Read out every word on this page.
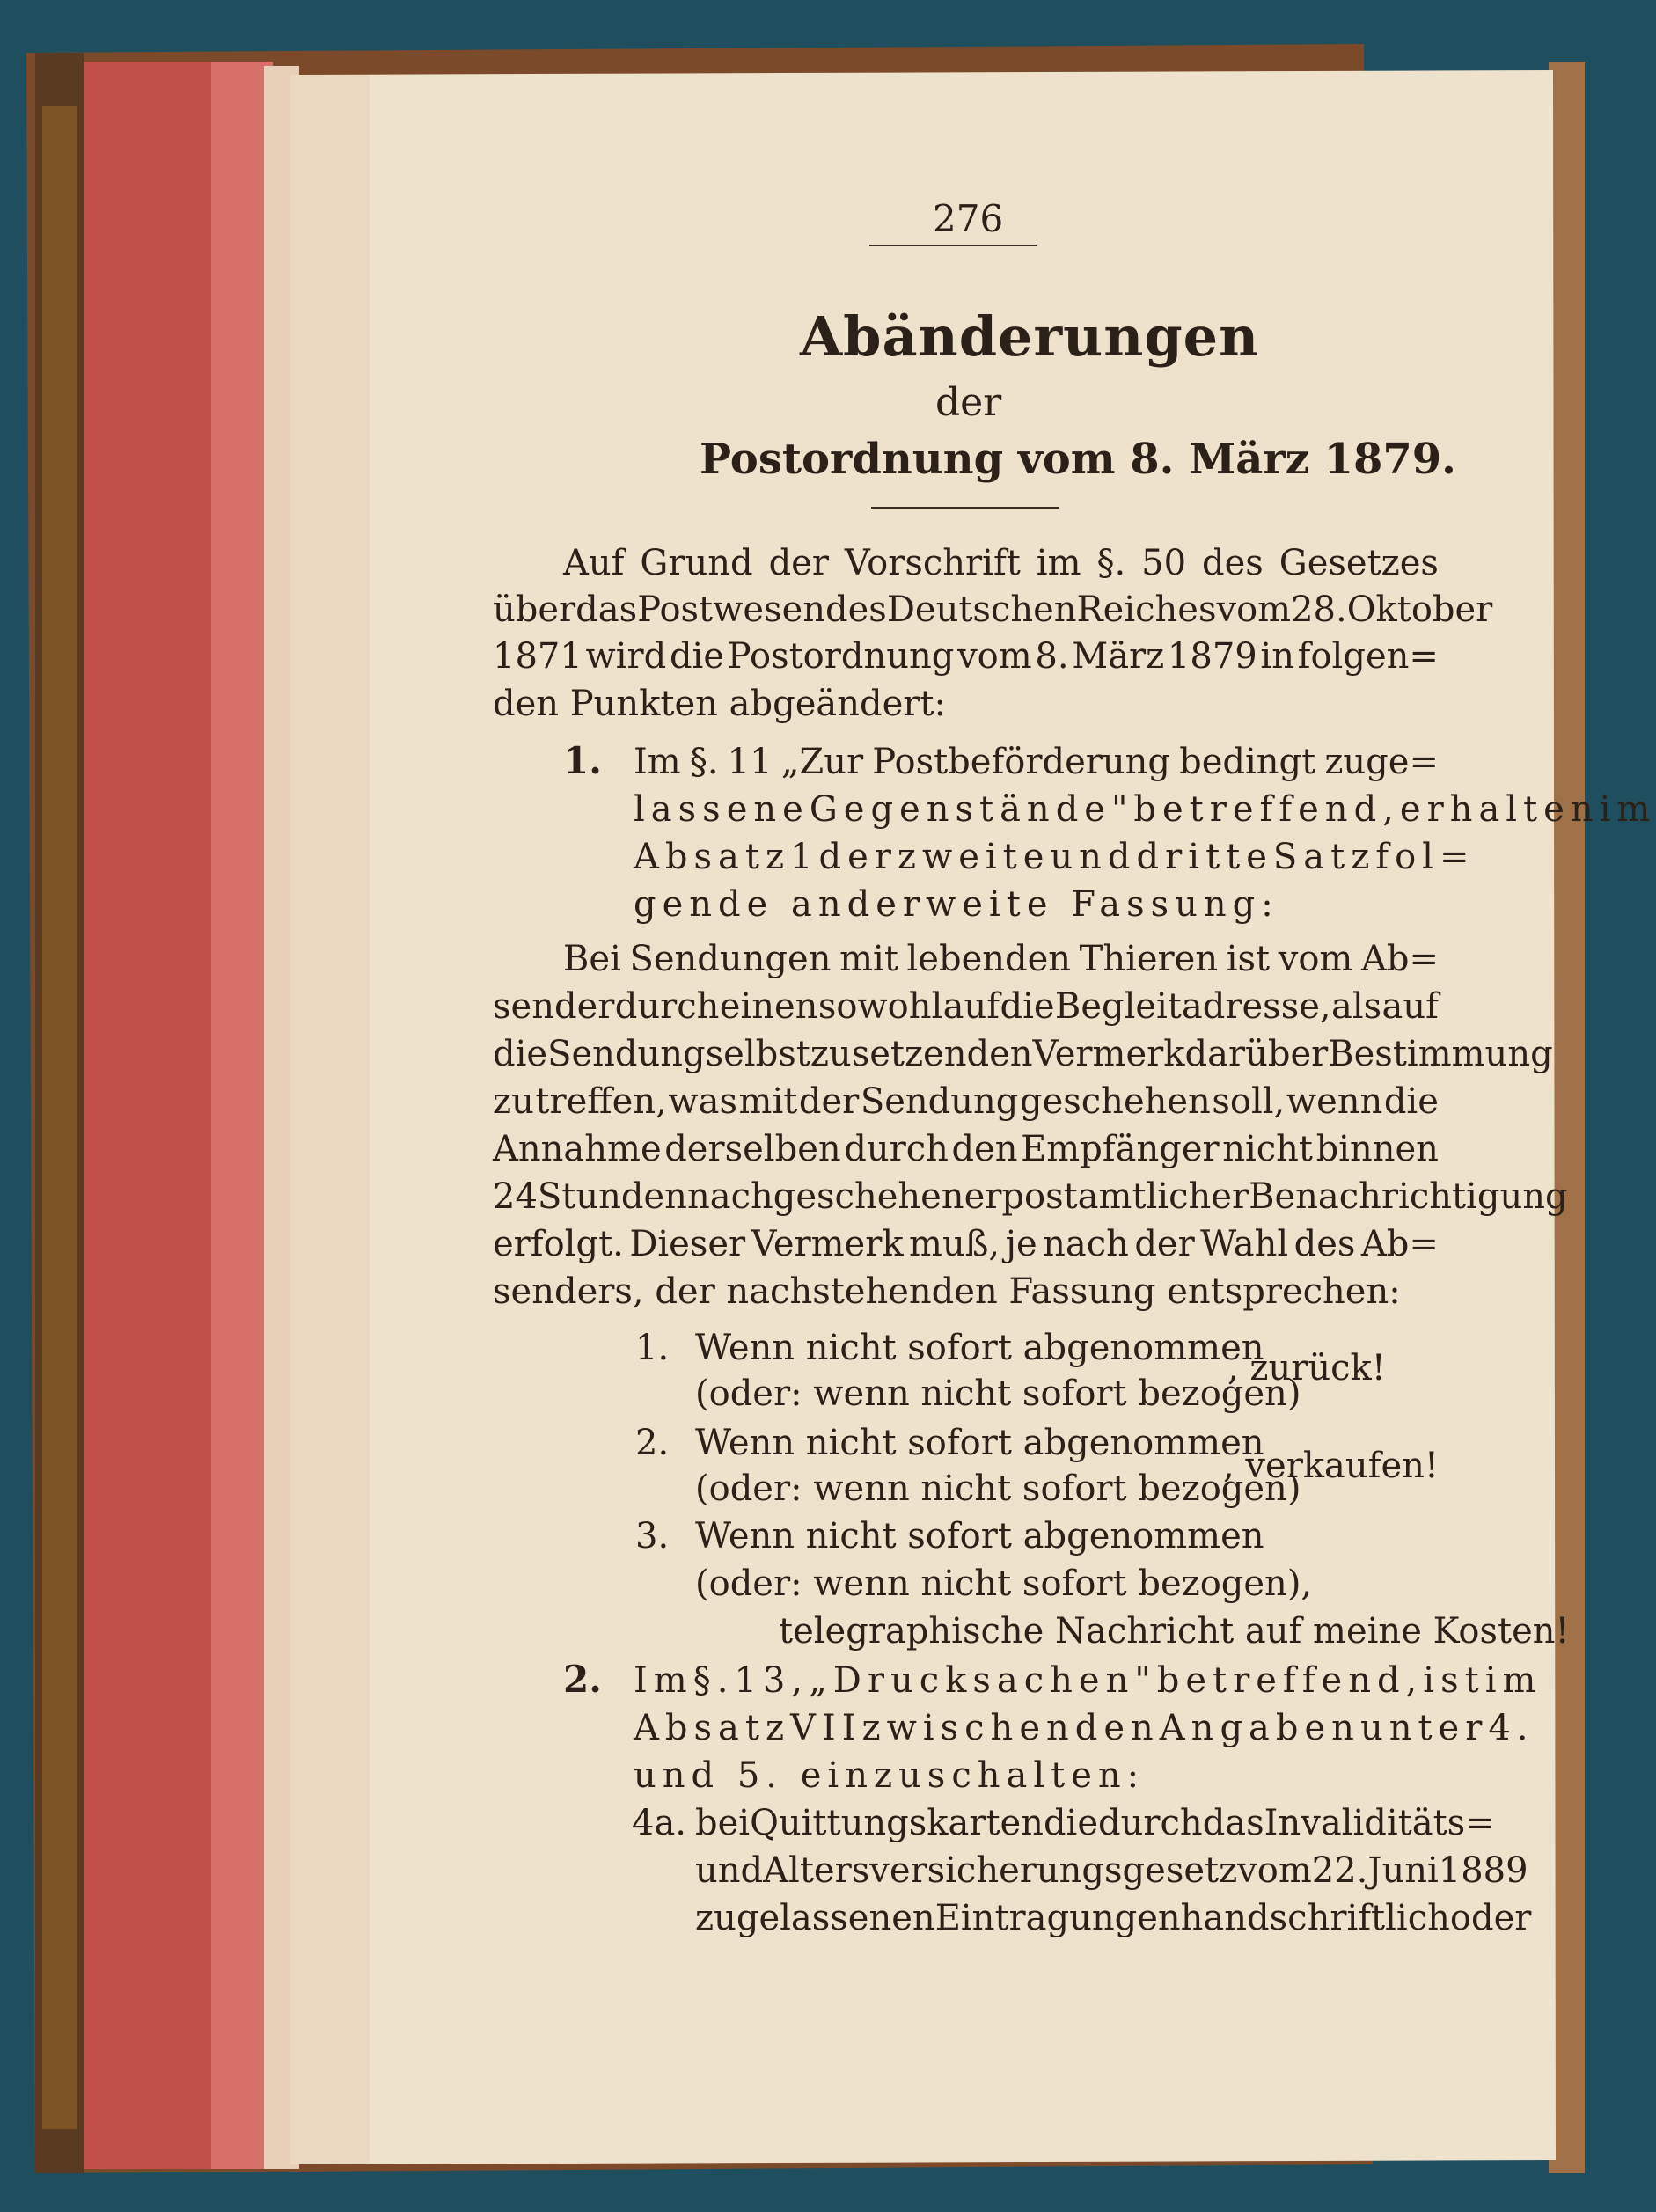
276
Abänderungen
der
Postordnung vom 8. März 1879.
Auf Grund der Vorschrift im §. 50 des Gesetzes
über das Postwesen des Deutschen Reiches vom 28. Oktober
1871 wird die Postordnung vom 8. März 1879 in folgen=
den Punkten abgeändert:
1. Im §. 11 „Zur Postbeförderung bedingt zuge=
lassene Gegenstände" betreffend, erhalten im
Absatz 1 der zweite und dritte Satz fol=
gende anderweite Fassung:
Bei Sendungen mit lebenden Thieren ist vom Ab=
sender durch einen sowohl auf die Begleitadresse, als auf
die Sendung selbst zu setzenden Vermerk darüber Bestimmung
zu treffen, was mit der Sendung geschehen soll, wenn die
Annahme derselben durch den Empfänger nicht binnen
24 Stunden nach geschehener postamtlicher Benachrichtigung
erfolgt. Dieser Vermerk muß, je nach der Wahl des Ab=
senders, der nachstehenden Fassung entsprechen:
1. Wenn nicht sofort abgenommen
(oder: wenn nicht sofort bezogen)
, zurück!
2. Wenn nicht sofort abgenommen
(oder: wenn nicht sofort bezogen)
, verkaufen!
3. Wenn nicht sofort abgenommen
(oder: wenn nicht sofort bezogen),
telegraphische Nachricht auf meine Kosten!
2. Im §. 13, „Drucksachen" betreffend, ist im
Absatz VII zwischen den Angaben unter 4.
und 5. einzuschalten:
4a. bei Quittungskarten die durch das Invaliditäts=
und Altersversicherungsgesetz vom 22. Juni 1889
zugelassenen Eintragungen handschriftlich oder
